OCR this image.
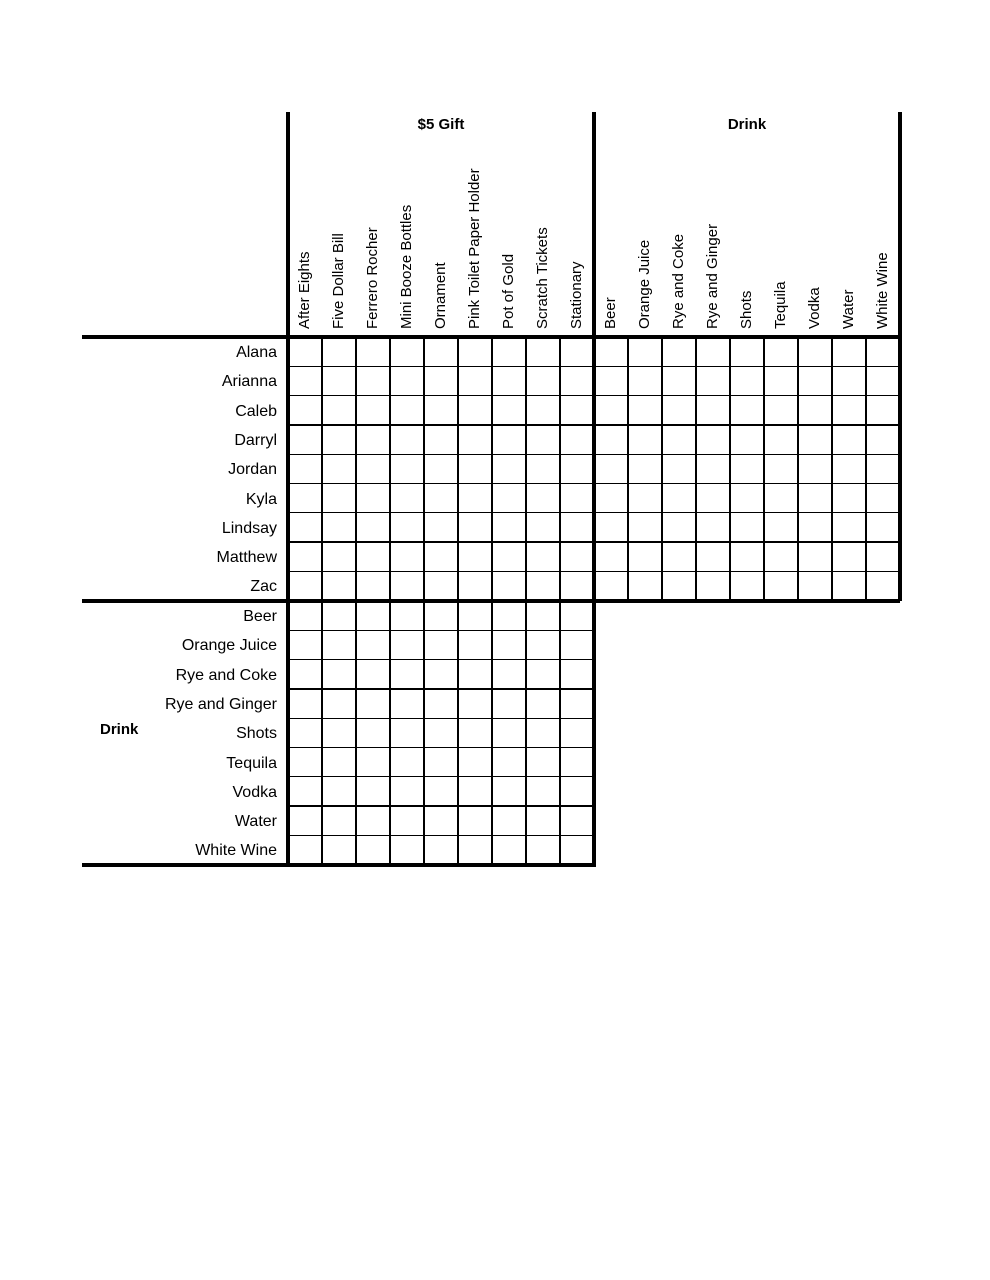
$5 Gift
After Eights Five Dollar Bill Ferrero Rocher Mini Booze Bottles Ornament Pink Toilet Paper Holder Pot of Gold Scratch Tickets Stationary
Drink
Beer Orange Juice Rye and Coke Rye and Ginger Shots Tequila Vodka Water White Wine
Alana
Arianna
Caleb
Darryl
Jordan
Kyla
Lindsay
Matthew
Zac
Drink
Beer
Orange Juice
Rye and Coke
Rye and Ginger
Shots
Tequila
Vodka
Water
White Wine
